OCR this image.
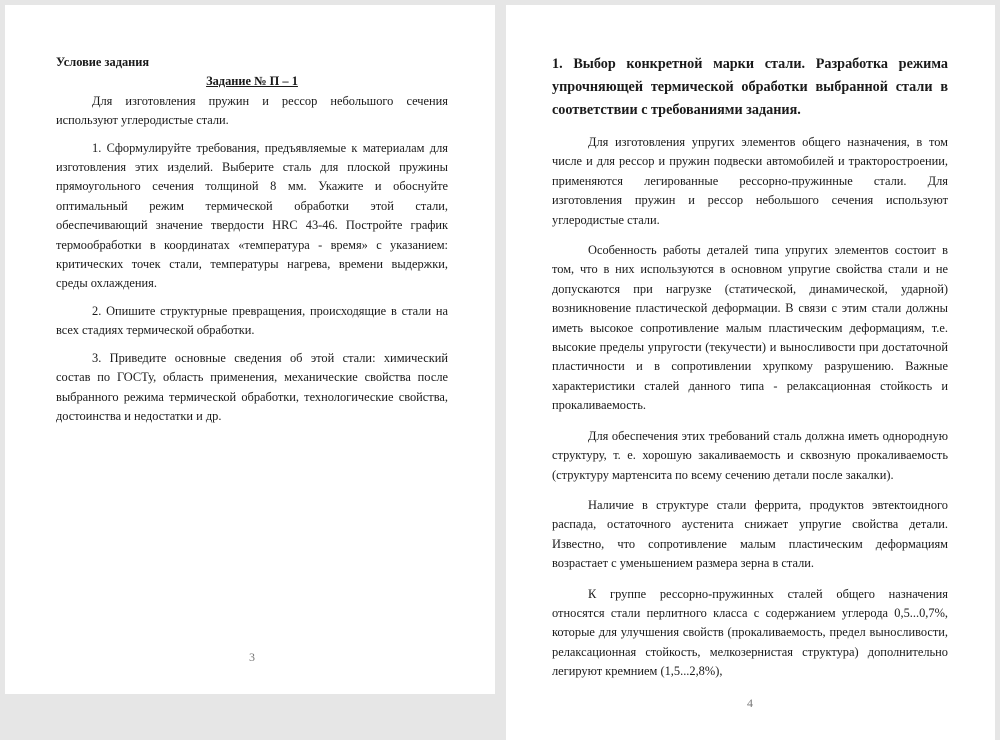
Условие задания

Задание № П – 1

Для изготовления пружин и рессор небольшого сечения используют углеродистые стали.

1. Сформулируйте требования, предъявляемые к материалам для изготовления этих изделий. Выберите сталь для плоской пружины прямоугольного сечения толщиной 8 мм. Укажите и обоснуйте оптимальный режим термической обработки этой стали, обеспечивающий значение твердости HRC 43-46. Постройте график термообработки в координатах «температура - время» с указанием: критических точек стали, температуры нагрева, времени выдержки, среды охлаждения.

2. Опишите структурные превращения, происходящие в стали на всех стадиях термической обработки.

3. Приведите основные сведения об этой стали: химический состав по ГОСТу, область применения, механические свойства после выбранного режима термической обработки, технологические свойства, достоинства и недостатки и др.

3
1. Выбор конкретной марки стали. Разработка режима упрочняющей термической обработки выбранной стали в соответствии с требованиями задания.

Для изготовления упругих элементов общего назначения, в том числе и для рессор и пружин подвески автомобилей и тракторостроении, применяются легированные рессорно-пружинные стали. Для изготовления пружин и рессор небольшого сечения используют углеродистые стали.

Особенность работы деталей типа упругих элементов состоит в том, что в них используются в основном упругие свойства стали и не допускаются при нагрузке (статической, динамической, ударной) возникновение пластической деформации. В связи с этим стали должны иметь высокое сопротивление малым пластическим деформациям, т.е. высокие пределы упругости (текучести) и выносливости при достаточной пластичности и в сопротивлении хрупкому разрушению. Важные характеристики сталей данного типа - релаксационная стойкость и прокаливаемость.

Для обеспечения этих требований сталь должна иметь однородную структуру, т. е. хорошую закаливаемость и сквозную прокаливаемость (структуру мартенсита по всему сечению детали после закалки).

Наличие в структуре стали феррита, продуктов эвтектоидного распада, остаточного аустенита снижает упругие свойства детали. Известно, что сопротивление малым пластическим деформациям возрастает с уменьшением размера зерна в стали.

К группе рессорно-пружинных сталей общего назначения относятся стали перлитного класса с содержанием углерода 0,5...0,7%, которые для улучшения свойств (прокаливаемость, предел выносливости, релаксационная стойкость, мелкозернистая структура) дополнительно легируют кремнием (1,5...2,8%),

4
